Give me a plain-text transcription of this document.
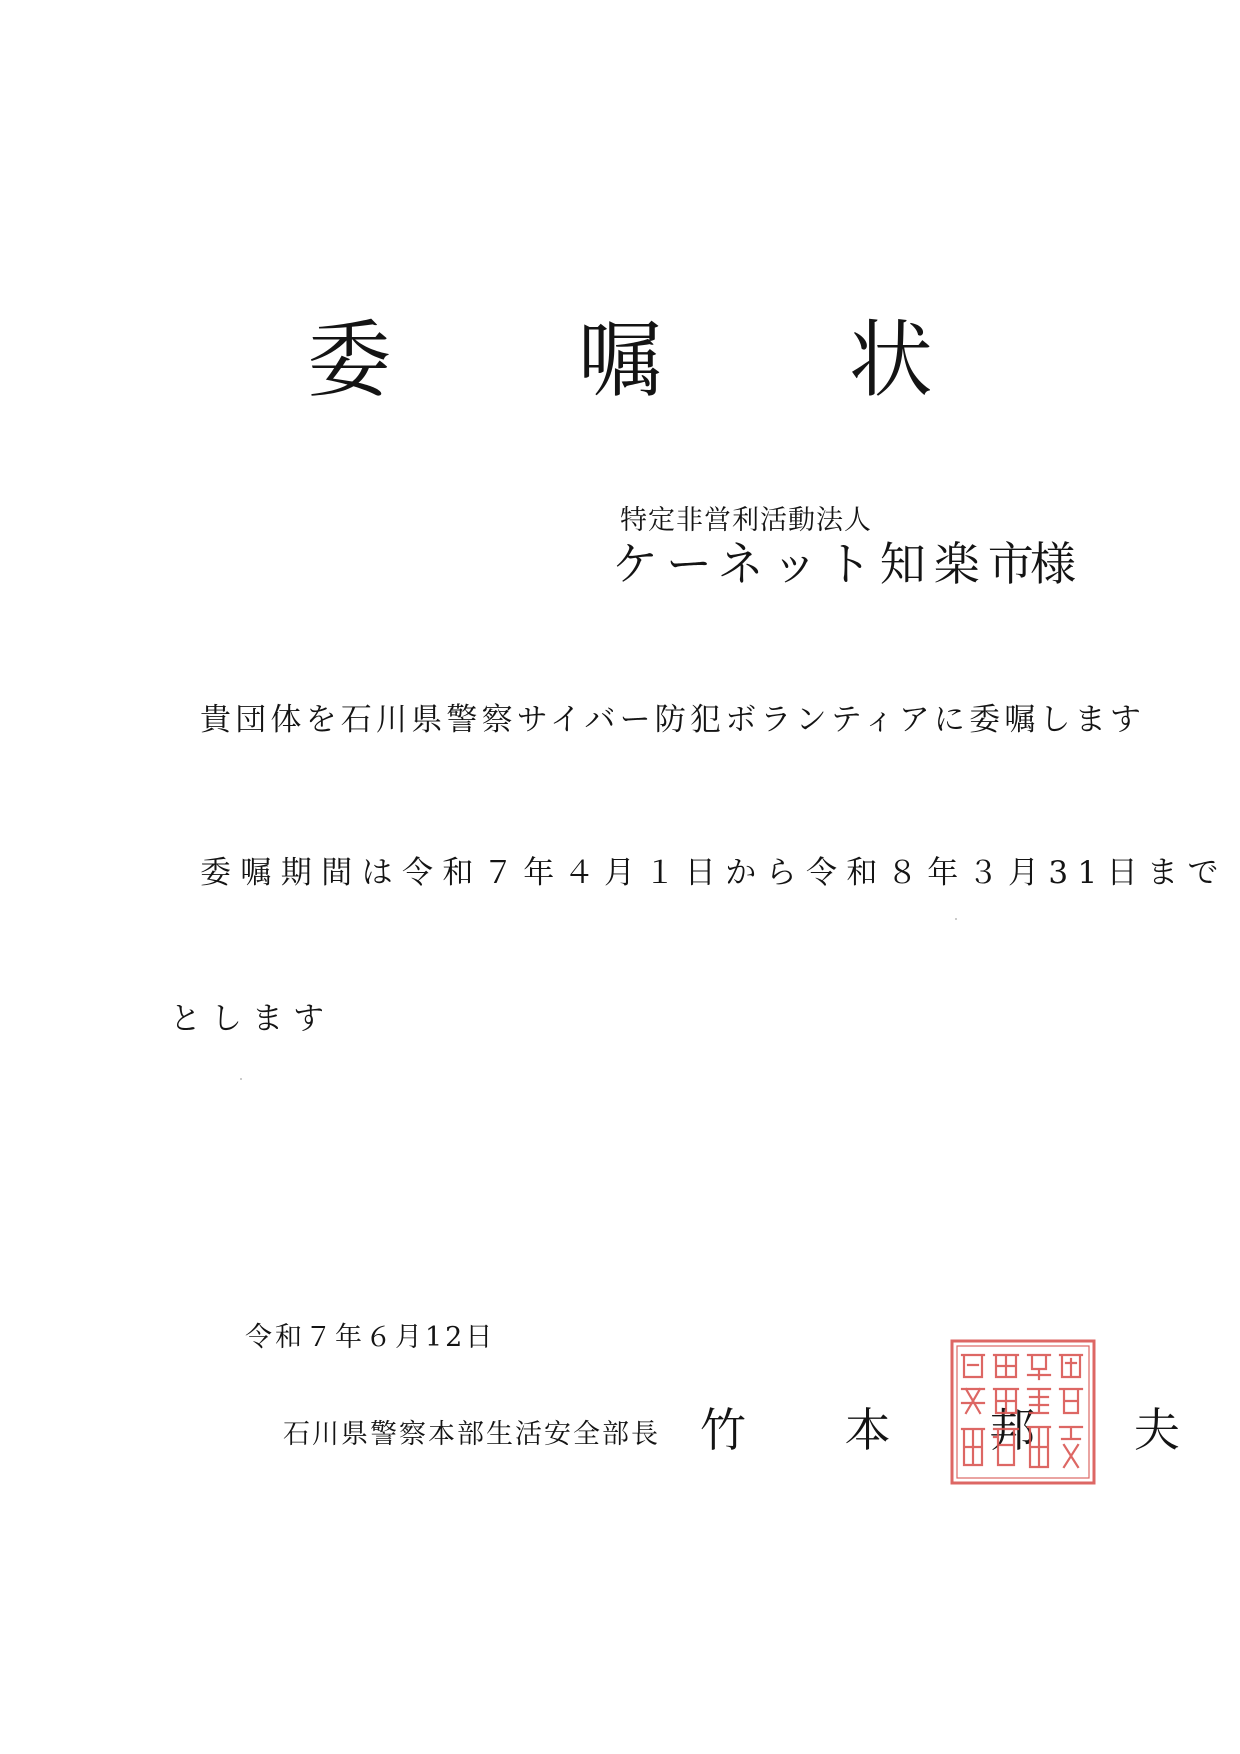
委 嘱 状
特定非営利活動法人
ケーネット知楽市
様
貴団体を石川県警察サイバー防犯ボランティアに委嘱します
委嘱期間は令和７年４月１日から令和８年３月31日まで
とします
令和７年６月12日
石川県警察本部生活安全部長 竹 本 邦 夫
